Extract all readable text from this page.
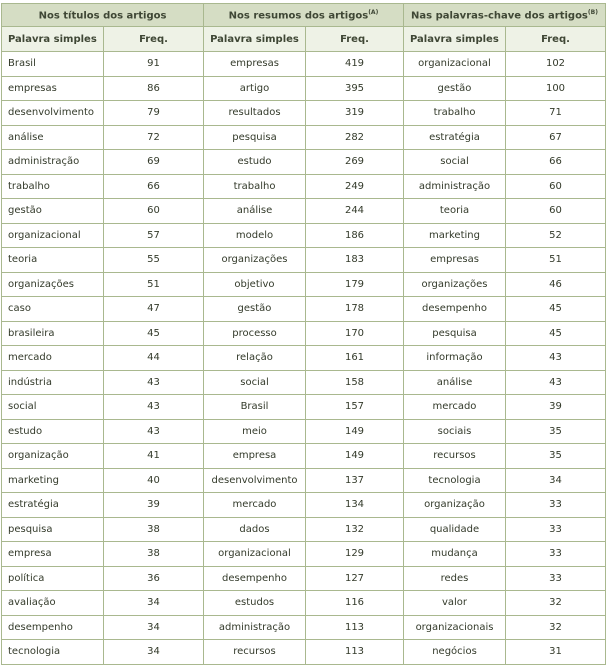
Nos títulos dos artigos		Nos resumos dos artigos$^{(A)}$		Nas palavras-chave dos artigos$^{(B)}$
Palavra simples	Freq.	Palavra simples	Freq.	Palavra simples	Freq.
Brasil	91	empresas	419	organizacional	102
empresas	86	artigo	395	gestão	100
desenvolvimento	79	resultados	319	trabalho	71
análise	72	pesquisa	282	estratégia	67
administração	69	estudo	269	social	66
trabalho	66	trabalho	249	administração	60
gestão	60	análise	244	teoria	60
organizacional	57	modelo	186	marketing	52
teoria	55	organizações	183	empresas	51
organizações	51	objetivo	179	organizações	46
caso	47	gestão	178	desempenho	45
brasileira	45	processo	170	pesquisa	45
mercado	44	relação	161	informação	43
indústria	43	social	158	análise	43
social	43	Brasil	157	mercado	39
estudo	43	meio	149	sociais	35
organização	41	empresa	149	recursos	35
marketing	40	desenvolvimento	137	tecnologia	34
estratégia	39	mercado	134	organização	33
pesquisa	38	dados	132	qualidade	33
empresa	38	organizacional	129	mudança	33
política	36	desempenho	127	redes	33
avaliação	34	estudos	116	valor	32
desempenho	34	administração	113	organizacionais	32
tecnologia	34	recursos	113	negócios	31
